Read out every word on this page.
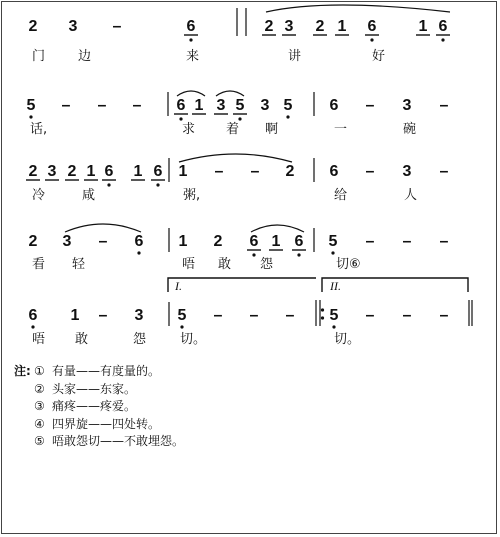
2 3 –	6	2 3 2 1 6	1 6
门	边	来	讲	好
5 – – – 6 1 3 5 3 5 6 – 3 –
话,	求 着 啊	一	碗
2 3 2 1 6 1 6 1 – – 2 6 – 3 –
冷	咸	粥,	给	人
2 3 – 6 1 2 6 1 6 5 – – –
看 轻	唔 敢 怨	切⑥
6 1 – 3 5 – – – 5 – – –
唔 敢	怨	切。	切。
I.	II.
注: ① 有量——有度量的。
② 头家——东家。
③ 痛疼——疼爱。
④ 四界旋——四处转。
⑤ 唔敢怨切——不敢埋怨。
